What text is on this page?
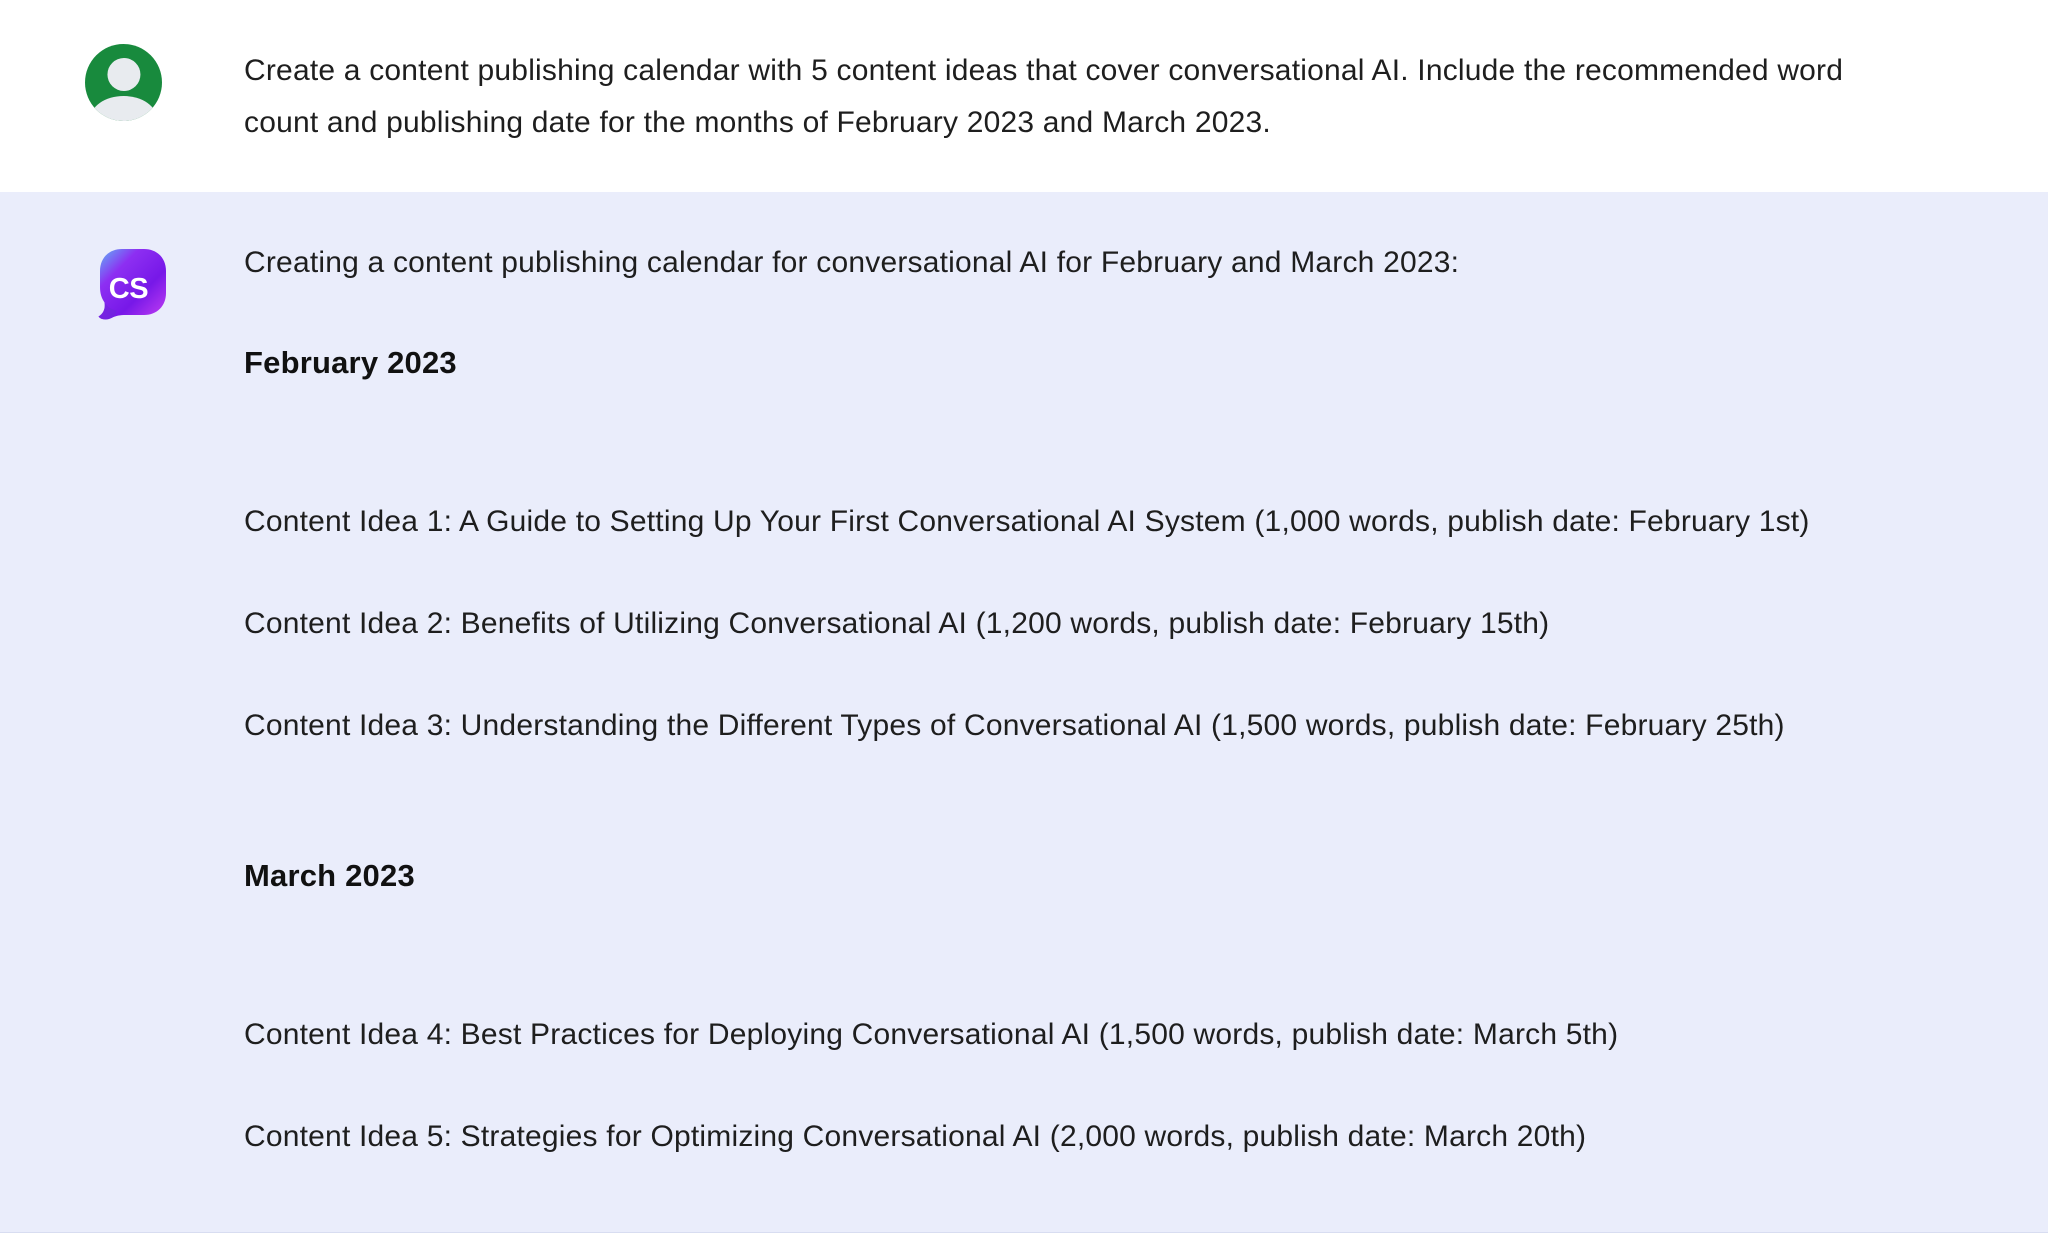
Create a content publishing calendar with 5 content ideas that cover conversational AI. Include the recommended word count and publishing date for the months of February 2023 and March 2023.
CS

Creating a content publishing calendar for conversational AI for February and March 2023:

February 2023

Content Idea 1: A Guide to Setting Up Your First Conversational AI System (1,000 words, publish date: February 1st)

Content Idea 2: Benefits of Utilizing Conversational AI (1,200 words, publish date: February 15th)

Content Idea 3: Understanding the Different Types of Conversational AI (1,500 words, publish date: February 25th)

March 2023

Content Idea 4: Best Practices for Deploying Conversational AI (1,500 words, publish date: March 5th)

Content Idea 5: Strategies for Optimizing Conversational AI (2,000 words, publish date: March 20th)
